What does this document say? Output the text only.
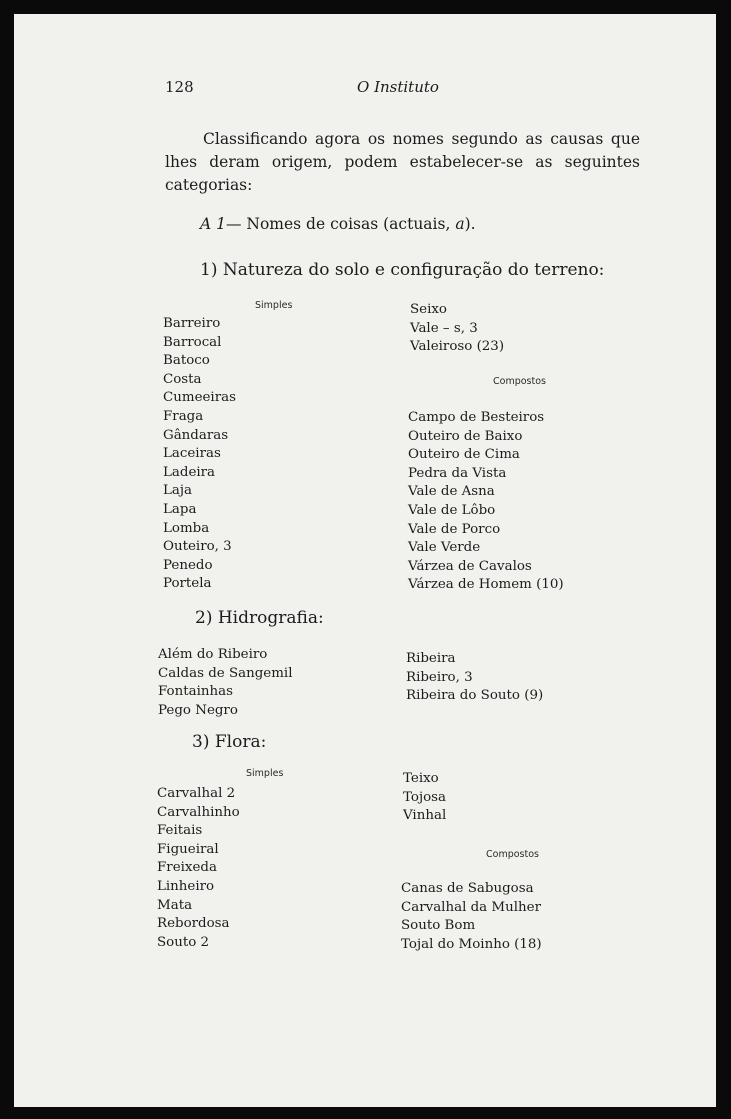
128	O Instituto
Classificando agora os nomes segundo as causas que lhes deram origem, podem estabelecer-se as seguintes categorias:
A 1— Nomes de coisas (actuais, a).
1) Natureza do solo e configuração do terreno:
Simples
Barreiro
Barrocal
Batoco
Costa
Cumeeiras
Fraga
Gândaras
Laceiras
Ladeira
Laja
Lapa
Lomba
Outeiro, 3
Penedo
Portela
Seixo
Vale – s, 3
Valeiroso (23)
Compostos
Campo de Besteiros
Outeiro de Baixo
Outeiro de Cima
Pedra da Vista
Vale de Asna
Vale de Lôbo
Vale de Porco
Vale Verde
Várzea de Cavalos
Várzea de Homem (10)
2) Hidrografia:
Além do Ribeiro
Caldas de Sangemil
Fontainhas
Pego Negro
Ribeira
Ribeiro, 3
Ribeira do Souto (9)
3) Flora:
Simples
Carvalhal 2
Carvalhinho
Feitais
Figueiral
Freixeda
Linheiro
Mata
Rebordosa
Souto 2
Teixo
Tojosa
Vinhal
Compostos
Canas de Sabugosa
Carvalhal da Mulher
Souto Bom
Tojal do Moinho (18)
